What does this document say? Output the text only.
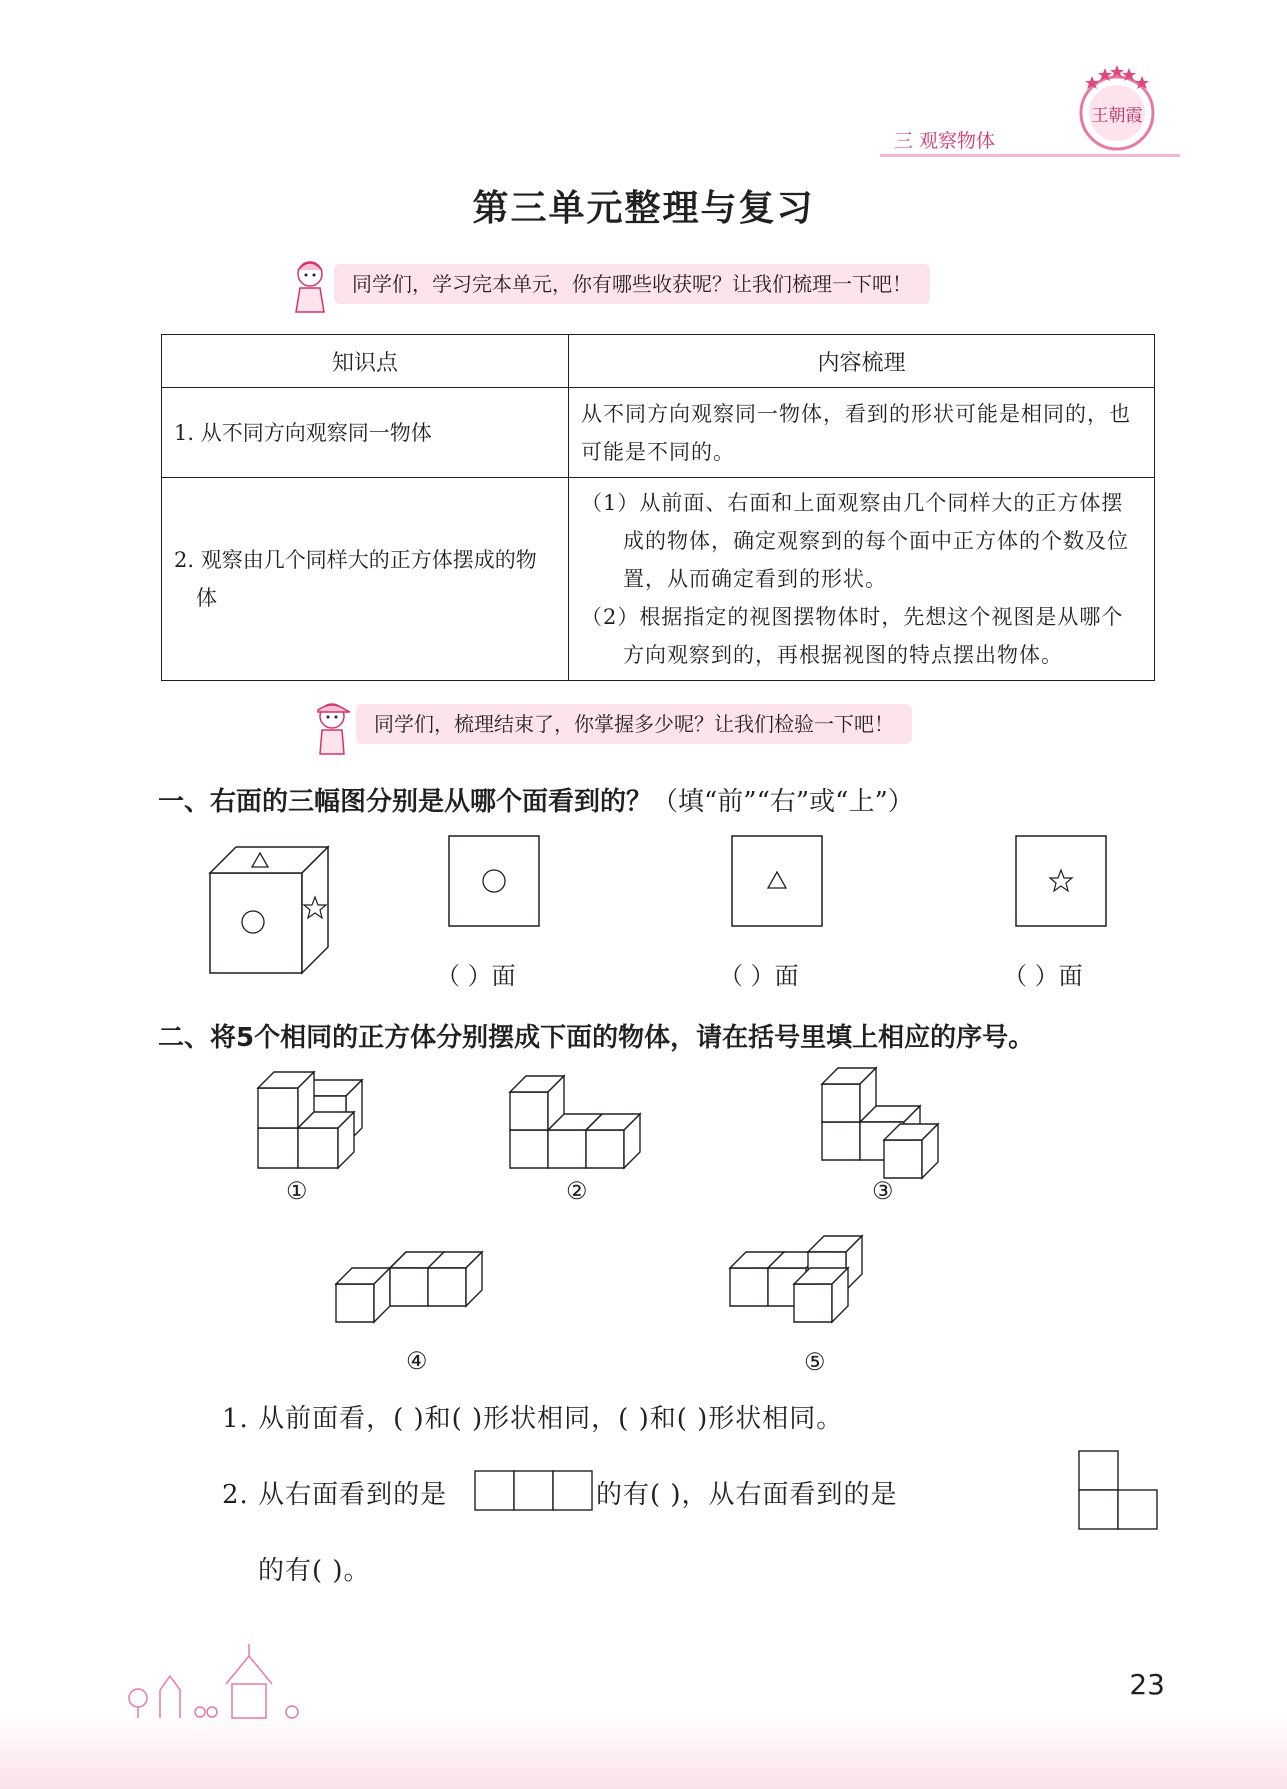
三 观察物体
王朝霞
第三单元整理与复习
同学们，学习完本单元，你有哪些收获呢？让我们梳理一下吧！
知识点	内容梳理
1. 从不同方向观察同一物体	从不同方向观察同一物体，看到的形状可能是相同的，也可能是不同的。
2. 观察由几个同样大的正方体摆成的物体	（1）从前面、右面和上面观察由几个同样大的正方体摆成的物体，确定观察到的每个面中正方体的个数及位置，从而确定看到的形状。
（2）根据指定的视图摆物体时，先想这个视图是从哪个方向观察到的，再根据视图的特点摆出物体。
同学们，梳理结束了，你掌握多少呢？让我们检验一下吧！
一、右面的三幅图分别是从哪个面看到的？（填“前”“右”或“上”）
（ ）面	（ ）面	（ ）面
二、将5个相同的正方体分别摆成下面的物体，请在括号里填上相应的序号。
①	②	③
④	⑤
1. 从前面看，( )和( )形状相同，( )和( )形状相同。
2. 从右面看到的是	的有( )，从右面看到的是
的有( )。
23
